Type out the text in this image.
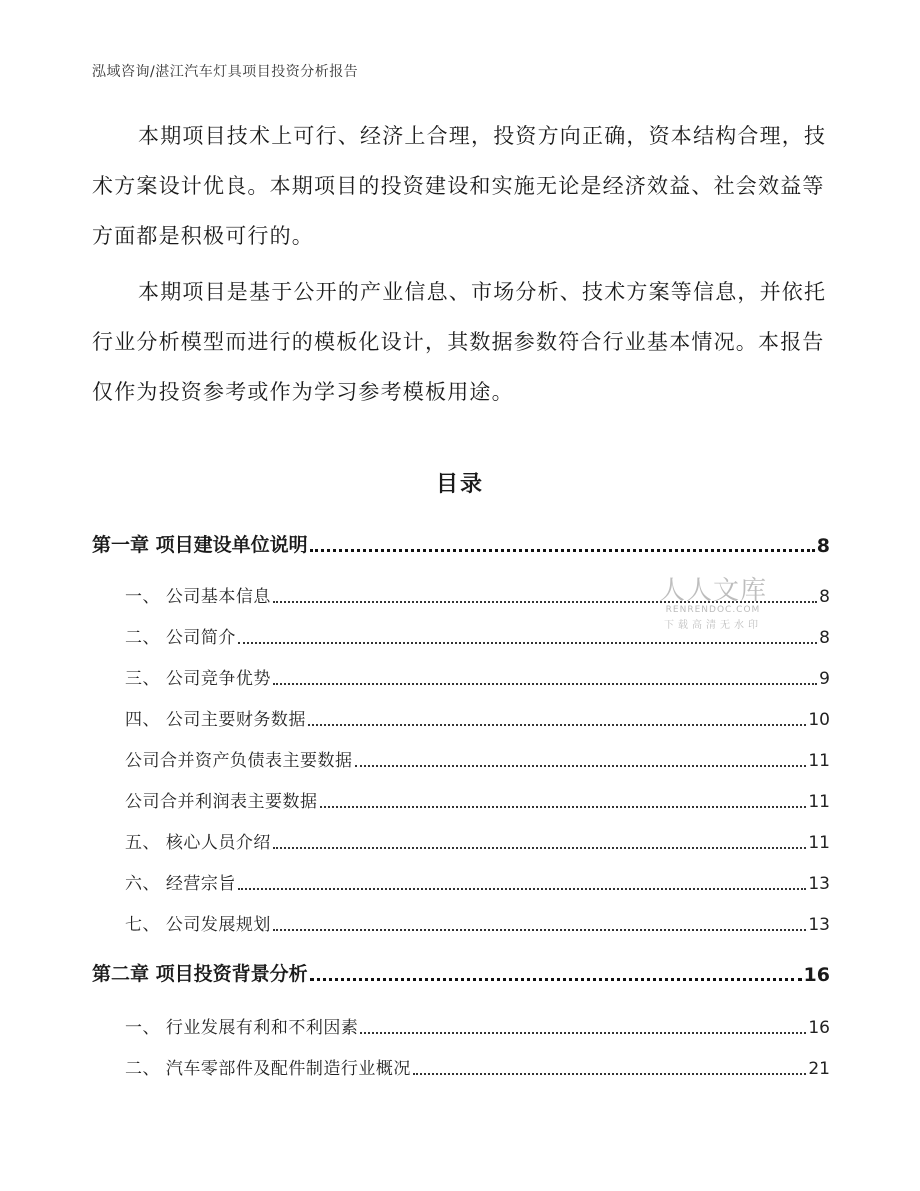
泓域咨询/湛江汽车灯具项目投资分析报告
本期项目技术上可行、经济上合理，投资方向正确，资本结构合理，技术方案设计优良。本期项目的投资建设和实施无论是经济效益、社会效益等方面都是积极可行的。
本期项目是基于公开的产业信息、市场分析、技术方案等信息，并依托行业分析模型而进行的模板化设计，其数据参数符合行业基本情况。本报告仅作为投资参考或作为学习参考模板用途。
目录
第一章 项目建设单位说明	8
一、 公司基本信息	8
二、 公司简介	8
三、 公司竞争优势	9
四、 公司主要财务数据	10
公司合并资产负债表主要数据	11
公司合并利润表主要数据	11
五、 核心人员介绍	11
六、 经营宗旨	13
七、 公司发展规划	13
第二章 项目投资背景分析	16
一、 行业发展有利和不利因素	16
二、 汽车零部件及配件制造行业概况	21
人人文库
RENRENDOC.COM
下载高清无水印
